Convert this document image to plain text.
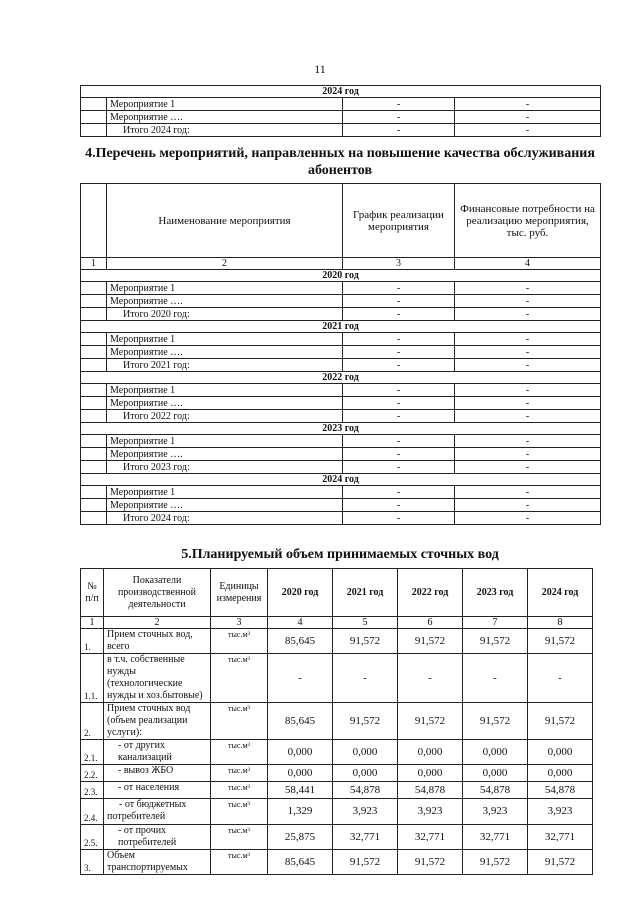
11
2024 год			
	Мероприятие 1	-	-
	Мероприятие ….	-	-
	Итого 2024 год:	-	-
4.Перечень мероприятий, направленных на повышение качества обслуживания абонентов
	Наименование мероприятия	График реализации мероприятия	Финансовые потребности на реализацию мероприятия, тыс. руб.
1	2	3	4
2020 год			
	Мероприятие 1	-	-
	Мероприятие ….	-	-
	Итого 2020 год:	-	-
2021 год			
	Мероприятие 1	-	-
	Мероприятие ….	-	-
	Итого 2021 год:	-	-
2022 год			
	Мероприятие 1	-	-
	Мероприятие ….	-	-
	Итого 2022 год:	-	-
2023 год			
	Мероприятие 1	-	-
	Мероприятие ….	-	-
	Итого 2023 год:	-	-
2024 год			
	Мероприятие 1	-	-
	Мероприятие ….	-	-
	Итого 2024 год:	-	-
5.Планируемый объем принимаемых сточных вод
№ п/п	Показатели производственной деятельности	Единицы измерения	2020 год	2021 год	2022 год	2023 год	2024 год
1	2	3	4	5	6	7	8
1.	Прием сточных вод, всего	тыс.м³	85,645	91,572	91,572	91,572	91,572
1.1.	в т.ч. собственные нужды (технологические нужды и хоз.бытовые)	тыс.м³	-	-	-	-	-
2.	Прием сточных вод (объем реализации услуги):	тыс.м³	85,645	91,572	91,572	91,572	91,572
2.1.	- от других канализаций	тыс.м³	0,000	0,000	0,000	0,000	0,000
2.2.	- вывоз ЖБО	тыс.м³	0,000	0,000	0,000	0,000	0,000
2.3.	- от населения	тыс.м³	58,441	54,878	54,878	54,878	54,878
2.4.	- от бюджетных потребителей	тыс.м³	1,329	3,923	3,923	3,923	3,923
2.5.	- от прочих потребителей	тыс.м³	25,875	32,771	32,771	32,771	32,771
3.	Объем транспортируемых	тыс.м³	85,645	91,572	91,572	91,572	91,572
